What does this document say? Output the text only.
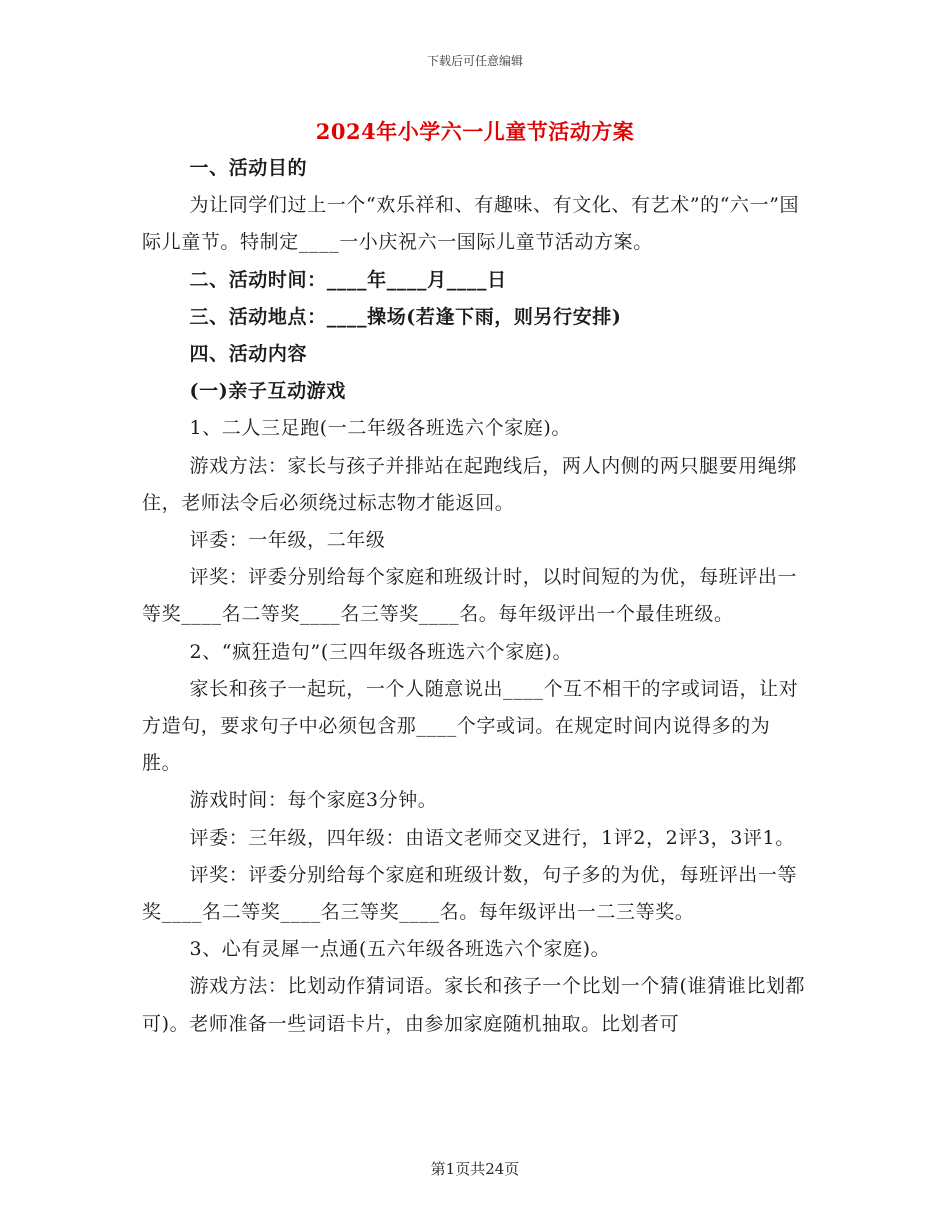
下载后可任意编辑
2024年小学六一儿童节活动方案

一、活动目的

为让同学们过上一个“欢乐祥和、有趣味、有文化、有艺术”的“六一”国际儿童节。特制定____一小庆祝六一国际儿童节活动方案。

二、活动时间：____年____月____日

三、活动地点：____操场(若逢下雨，则另行安排)

四、活动内容

(一)亲子互动游戏

1、二人三足跑(一二年级各班选六个家庭)。

游戏方法：家长与孩子并排站在起跑线后，两人内侧的两只腿要用绳绑住，老师法令后必须绕过标志物才能返回。

评委：一年级，二年级

评奖：评委分别给每个家庭和班级计时，以时间短的为优，每班评出一等奖____名二等奖____名三等奖____名。每年级评出一个最佳班级。

2、“疯狂造句”(三四年级各班选六个家庭)。

家长和孩子一起玩，一个人随意说出____个互不相干的字或词语，让对方造句，要求句子中必须包含那____个字或词。在规定时间内说得多的为胜。

游戏时间：每个家庭3分钟。

评委：三年级，四年级：由语文老师交叉进行，1评2，2评3，3评1。

评奖：评委分别给每个家庭和班级计数，句子多的为优，每班评出一等奖____名二等奖____名三等奖____名。每年级评出一二三等奖。

3、心有灵犀一点通(五六年级各班选六个家庭)。

游戏方法：比划动作猜词语。家长和孩子一个比划一个猜(谁猜谁比划都可)。老师准备一些词语卡片，由参加家庭随机抽取。比划者可

第1页共24页
